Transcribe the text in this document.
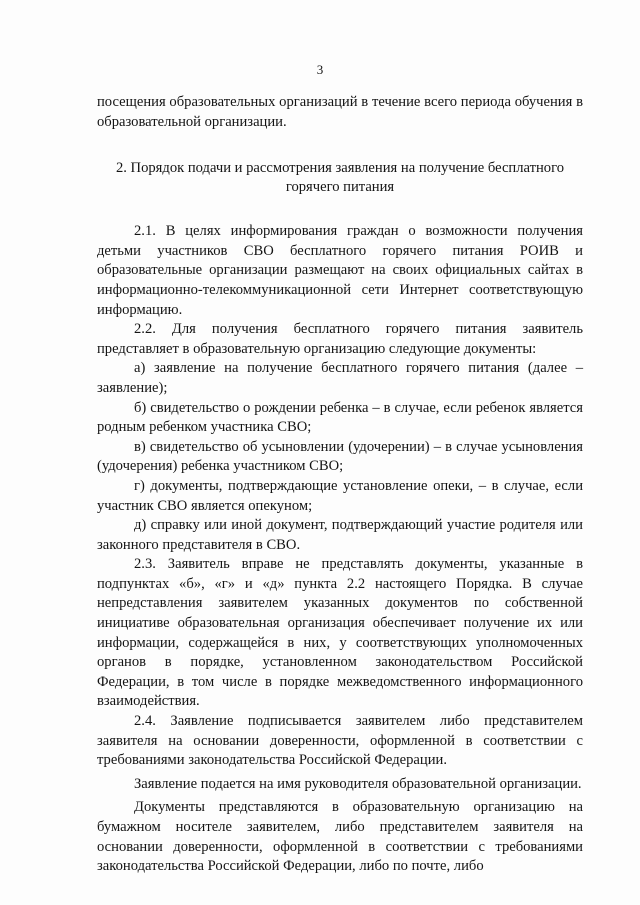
3

посещения образовательных организаций в течение всего периода обучения в образовательной организации.

2. Порядок подачи и рассмотрения заявления на получение бесплатного горячего питания

2.1. В целях информирования граждан о возможности получения детьми участников СВО бесплатного горячего питания РОИВ и образовательные организации размещают на своих официальных сайтах в информационно-телекоммуникационной сети Интернет соответствующую информацию.

2.2. Для получения бесплатного горячего питания заявитель представляет в образовательную организацию следующие документы:

а) заявление на получение бесплатного горячего питания (далее – заявление);

б) свидетельство о рождении ребенка – в случае, если ребенок является родным ребенком участника СВО;

в) свидетельство об усыновлении (удочерении) – в случае усыновления (удочерения) ребенка участником СВО;

г) документы, подтверждающие установление опеки, – в случае, если участник СВО является опекуном;

д) справку или иной документ, подтверждающий участие родителя или законного представителя в СВО.

2.3. Заявитель вправе не представлять документы, указанные в подпунктах «б», «г» и «д» пункта 2.2 настоящего Порядка. В случае непредставления заявителем указанных документов по собственной инициативе образовательная организация обеспечивает получение их или информации, содержащейся в них, у соответствующих уполномоченных органов в порядке, установленном законодательством Российской Федерации, в том числе в порядке межведомственного информационного взаимодействия.

2.4. Заявление подписывается заявителем либо представителем заявителя на основании доверенности, оформленной в соответствии с требованиями законодательства Российской Федерации.

Заявление подается на имя руководителя образовательной организации.

Документы представляются в образовательную организацию на бумажном носителе заявителем, либо представителем заявителя на основании доверенности, оформленной в соответствии с требованиями законодательства Российской Федерации, либо по почте, либо
